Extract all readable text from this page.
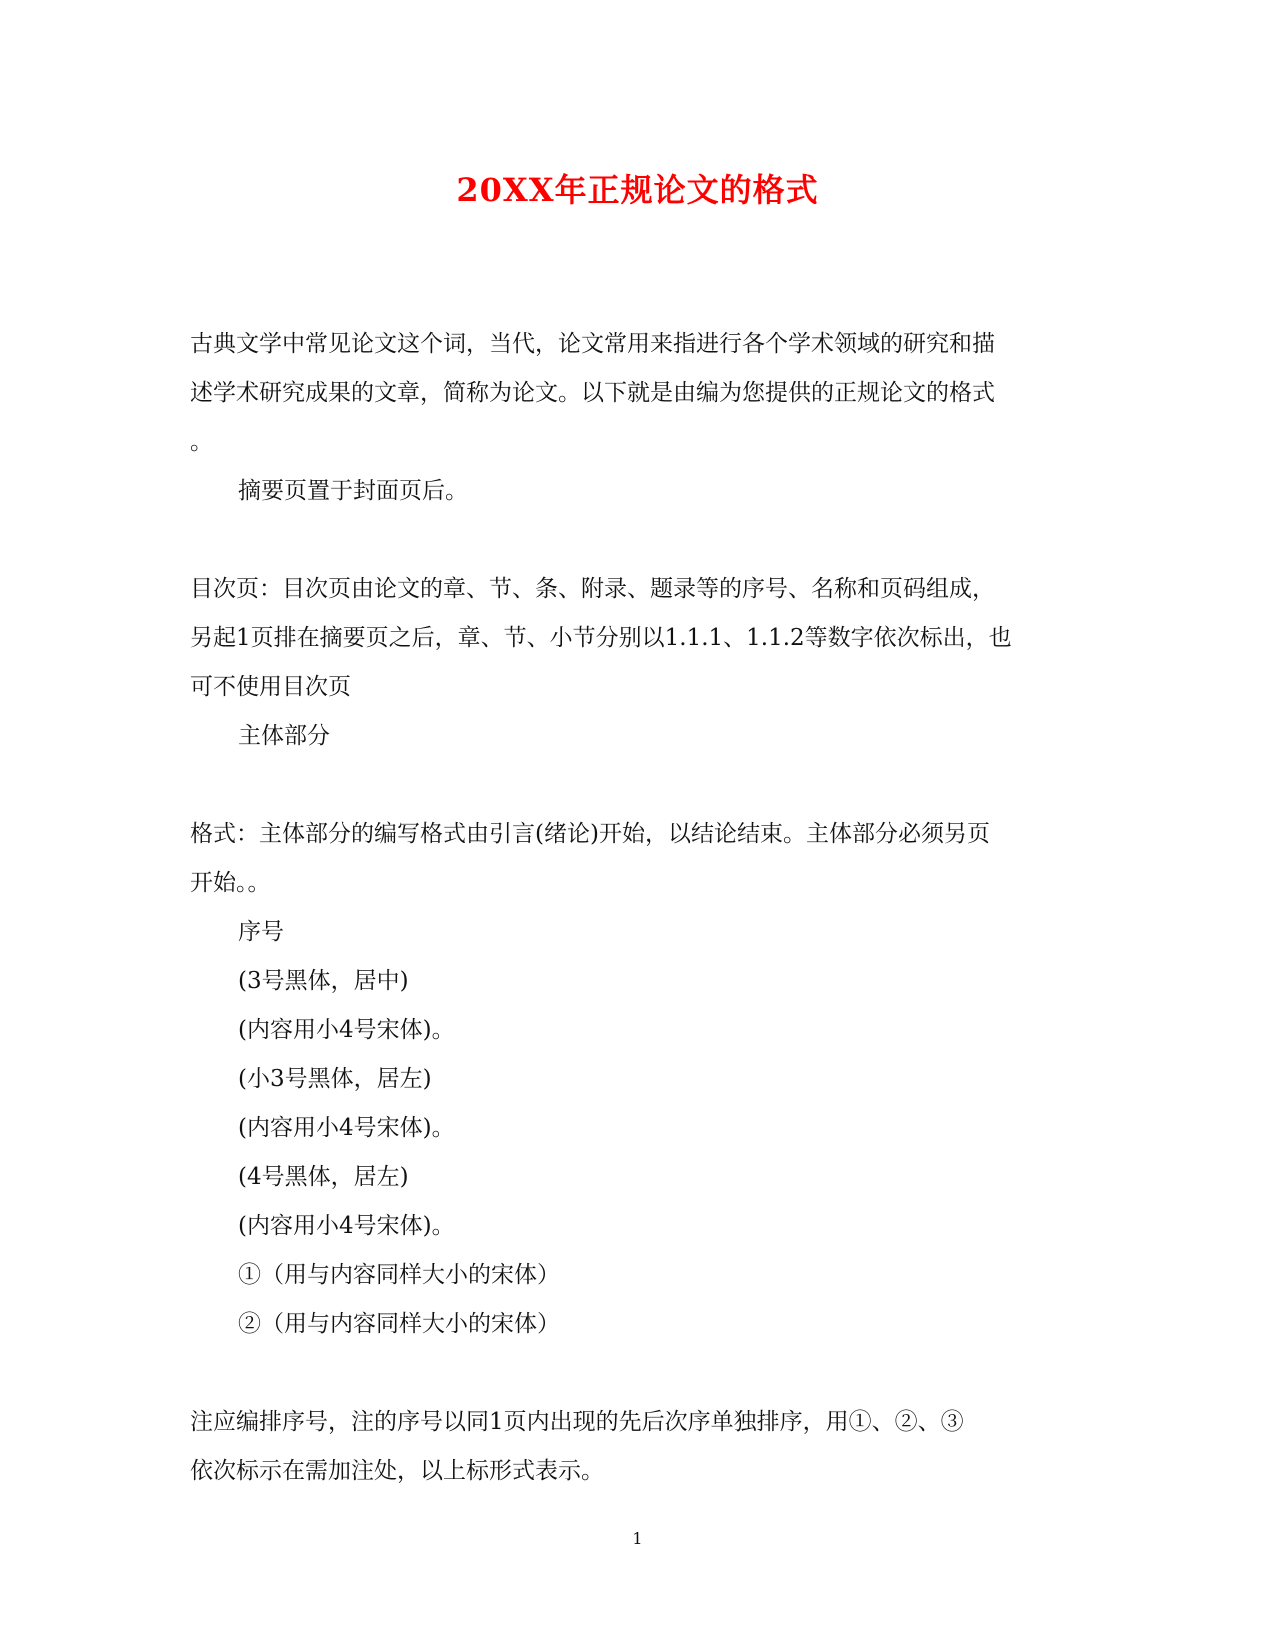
20XX年正规论文的格式
古典文学中常见论文这个词，当代，论文常用来指进行各个学术领域的研究和描
述学术研究成果的文章，简称为论文。以下就是由编为您提供的正规论文的格式
。
摘要页置于封面页后。
目次页：目次页由论文的章、节、条、附录、题录等的序号、名称和页码组成，
另起1页排在摘要页之后，章、节、小节分别以1.1.1、1.1.2等数字依次标出，也
可不使用目次页
主体部分
格式：主体部分的编写格式由引言(绪论)开始，以结论结束。主体部分必须另页
开始。。
序号
(3号黑体，居中)
(内容用小4号宋体)。
(小3号黑体，居左)
(内容用小4号宋体)。
(4号黑体，居左)
(内容用小4号宋体)。
①（用与内容同样大小的宋体）
②（用与内容同样大小的宋体）
注应编排序号，注的序号以同1页内出现的先后次序单独排序，用①、②、③
依次标示在需加注处，以上标形式表示。
1
